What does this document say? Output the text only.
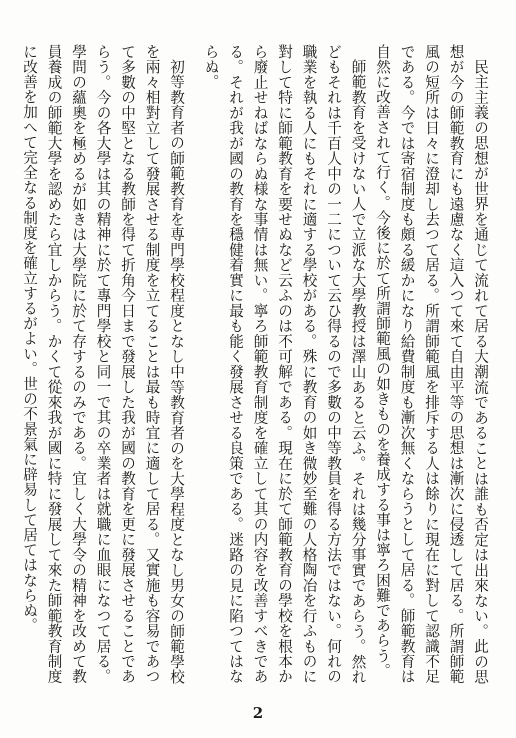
民主主義の思想が世界を通じて流れて居る大潮流であることは誰も否定は出來ない。此の思想が今の師範教育にも遠慮なく這入つて來て自由平等の思想は漸次に侵透して居る。所謂師範風の短所は日々に澄却し去つて居る。所謂師範風を排斥する人は餘りに現在に對して認識不足である。今では寄宿制度も頗る緩かになり給費制度も漸次無くならうとして居る。師範教育は自然に改善されて行く。今後に於て所謂師範風の如きものを養成する事は寧ろ困難であらう。

師範教育を受けない人で立派な大學教授は澤山あると云ふ。それは幾分事實であらう。然れどもそれは千百人中の一二について云ひ得るので多數の中等教員を得る方法ではない。何れの職業を執る人にもそれに適する學校がある。殊に教育の如き微妙至難の人格陶冶を行ふものに對して特に師範教育を要せぬなど云ふのは不可解である。現在に於て師範教育の學校を根本から廢止せねばならぬ様な事情は無い。寧ろ師範教育制度を確立して其の内容を改善すべきである。それが我が國の教育を穩健着實に最も能く發展させる良策である。迷路の見に陷つてはならぬ。

初等教育者の師範教育を専門學校程度となし中等教育者のを大學程度となし男女の師範學校を兩々相對立して發展させる制度を立てることは最も時宜に適して居る。又實施も容易であつて多數の中堅となる教師を得て折角今日まで發展した我が國の教育を更に發展させることであらう。今の各大學は其の精神に於て專門學校と同一で其の卒業者は就職に血眼になつて居る。學問の蘊奧を極めるが如きは大學院に於て存するのみである。宜しく大學令の精神を改めて教員養成の師範大學を認めたら宜しからう。かくて從來我が國に特に發展して來た師範教育制度に改善を加へて完全なる制度を確立するがよい。世の不景氣に辟易して居てはならぬ。

2
